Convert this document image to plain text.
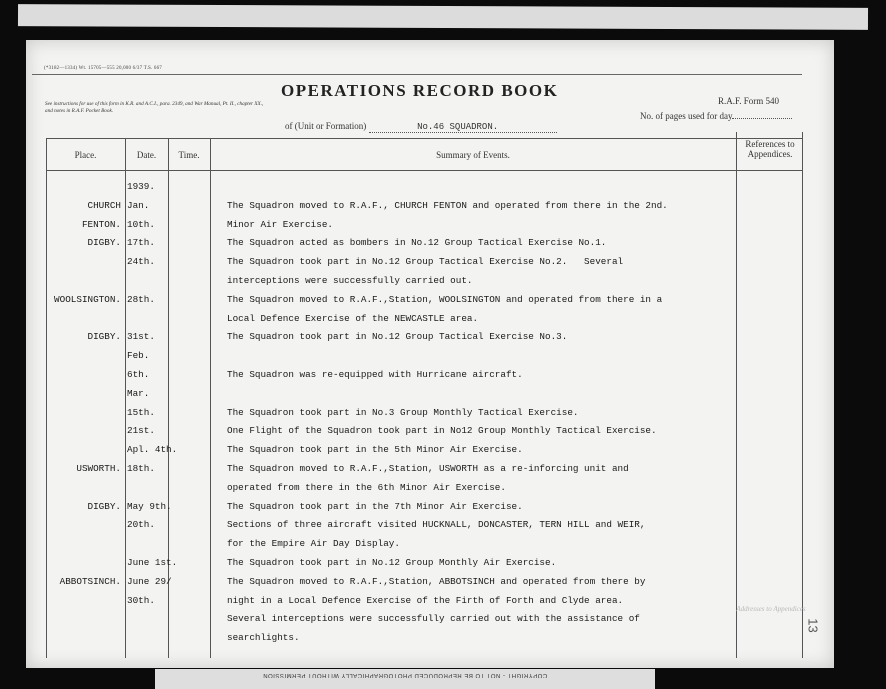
COPYRIGHT - NOT TO BE REPRODUCED PHOTOGRAPHICALLY WITHOUT PERMISSION
(*3182—1334) Wt. 15705—555 20,000 6/37 T.S. 667
OPERATIONS RECORD BOOK
See instructions for use of this form in K.R. and A.C.I., para. 2349, and War Manual, Pt. II., chapter XX., and notes in R.A.F. Pocket Book.
of (Unit or Formation)	No.46 SQUADRON.
R.A.F. Form 540
No. of pages used for day
Place.	Date.	Time.	Summary of Events.
References to Appendices.
1939.
CHURCH Jan.	The Squadron moved to R.A.F., CHURCH FENTON and operated from there in the 2nd.
FENTON. 10th.	Minor Air Exercise.
DIGBY. 17th.	The Squadron acted as bombers in No.12 Group Tactical Exercise No.1.
24th.	The Squadron took part in No.12 Group Tactical Exercise No.2.   Several
interceptions were successfully carried out.
WOOLSINGTON. 28th.	The Squadron moved to R.A.F.,Station, WOOLSINGTON and operated from there in a
Local Defence Exercise of the NEWCASTLE area.
DIGBY. 31st.	The Squadron took part in No.12 Group Tactical Exercise No.3.
Feb.
6th.	The Squadron was re-equipped with Hurricane aircraft.
Mar.
15th.	The Squadron took part in No.3 Group Monthly Tactical Exercise.
21st.	One Flight of the Squadron took part in No12 Group Monthly Tactical Exercise.
Apl. 4th.	The Squadron took part in the 5th Minor Air Exercise.
USWORTH. 18th.	The Squadron moved to R.A.F.,Station, USWORTH as a re-inforcing unit and
operated from there in the 6th Minor Air Exercise.
DIGBY. May 9th.	The Squadron took part in the 7th Minor Air Exercise.
20th.	Sections of three aircraft visited HUCKNALL, DONCASTER, TERN HILL and WEIR,
for the Empire Air Day Display.
June 1st.	The Squadron took part in No.12 Group Monthly Air Exercise.
ABBOTSINCH. June 29/	The Squadron moved to R.A.F.,Station, ABBOTSINCH and operated from there by
30th.	night in a Local Defence Exercise of the Firth of Forth and Clyde area.
Several interceptions were successfully carried out with the assistance of
searchlights.
Addresses to Appendices
13
